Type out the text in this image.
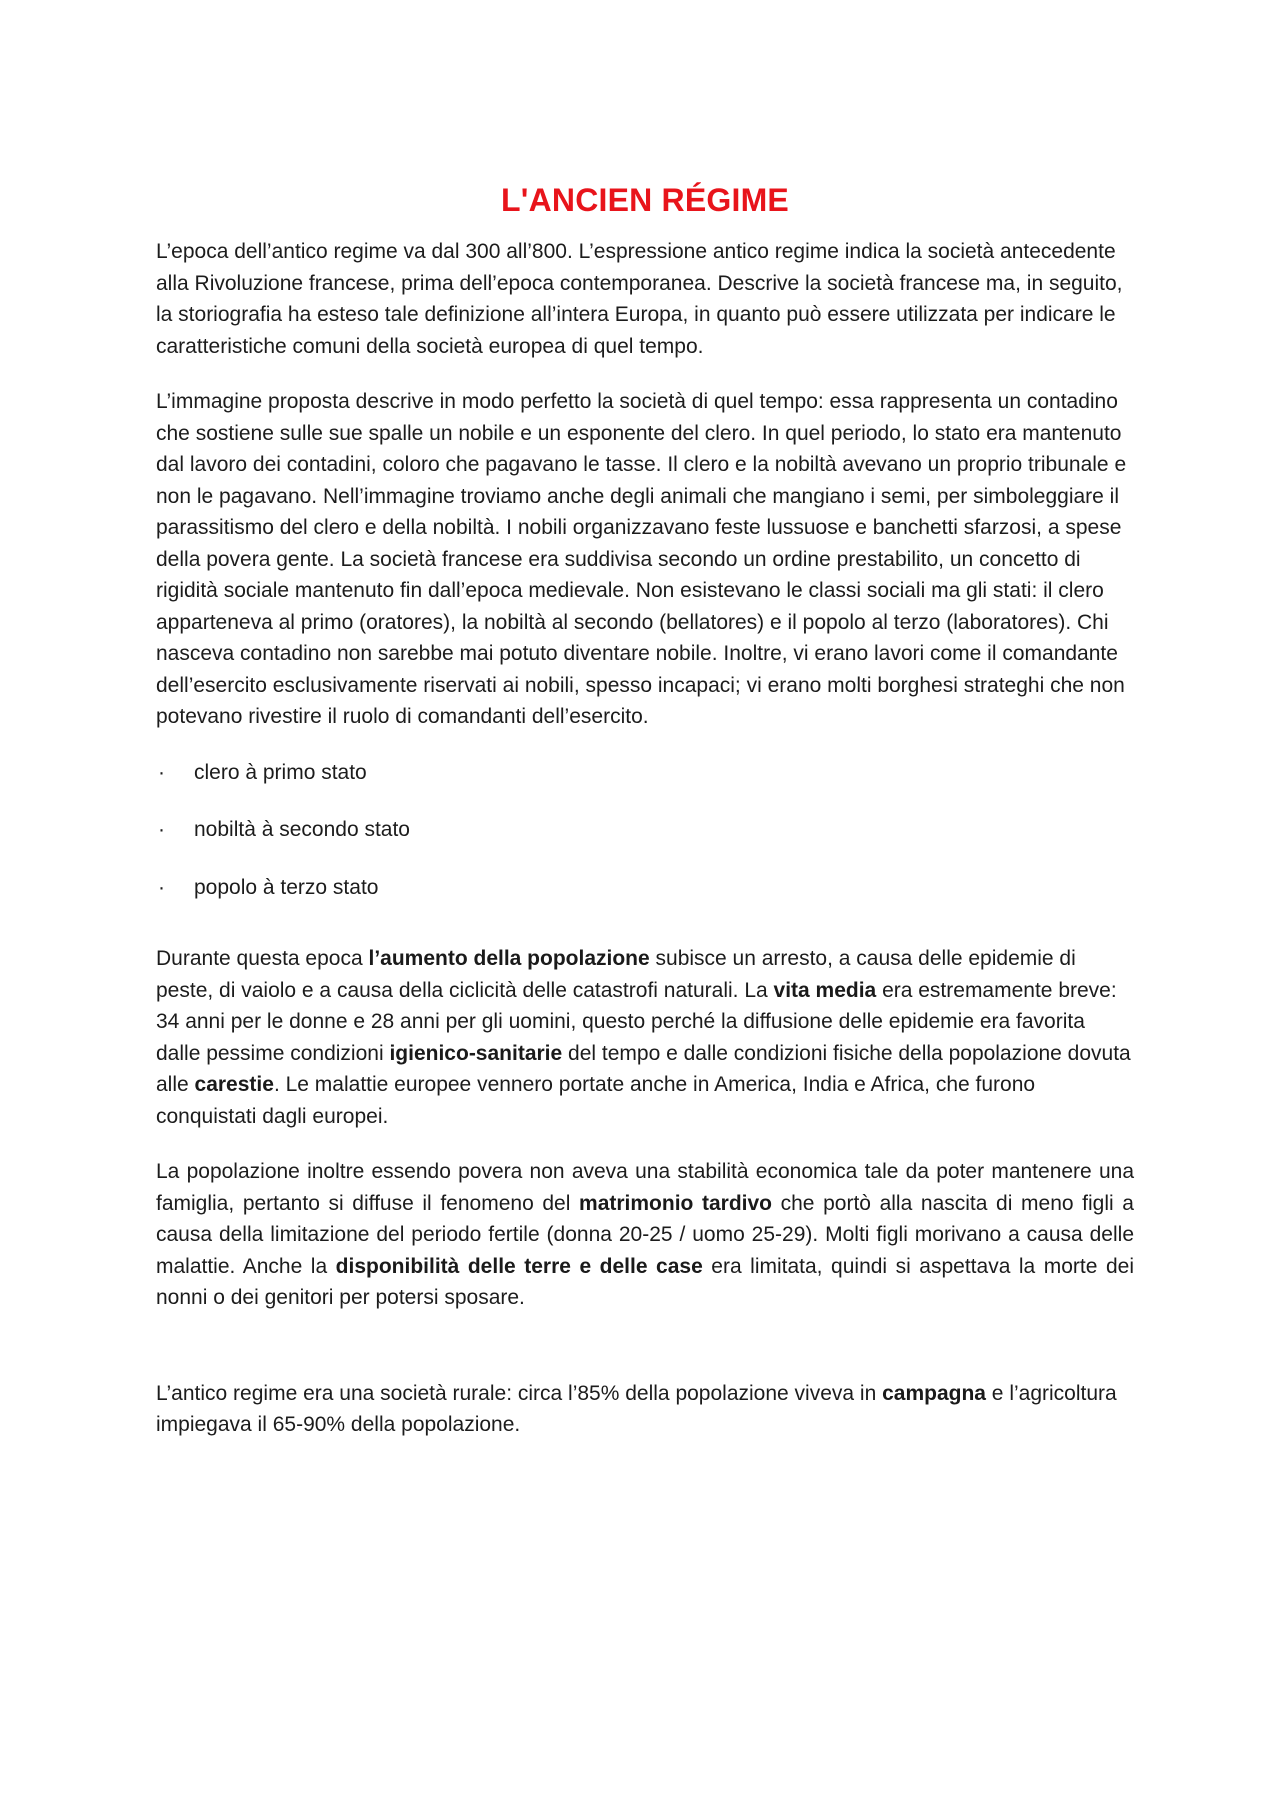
L'ANCIEN RÉGIME

L’epoca dell’antico regime va dal 300 all’800. L’espressione antico regime indica la società antecedente alla Rivoluzione francese, prima dell’epoca contemporanea. Descrive la società francese ma, in seguito, la storiografia ha esteso tale definizione all’intera Europa, in quanto può essere utilizzata per indicare le caratteristiche comuni della società europea di quel tempo.

L’immagine proposta descrive in modo perfetto la società di quel tempo: essa rappresenta un contadino che sostiene sulle sue spalle un nobile e un esponente del clero. In quel periodo, lo stato era mantenuto dal lavoro dei contadini, coloro che pagavano le tasse. Il clero e la nobiltà avevano un proprio tribunale e non le pagavano. Nell’immagine troviamo anche degli animali che mangiano i semi, per simboleggiare il parassitismo del clero e della nobiltà. I nobili organizzavano feste lussuose e banchetti sfarzosi, a spese della povera gente. La società francese era suddivisa secondo un ordine prestabilito, un concetto di rigidità sociale mantenuto fin dall’epoca medievale. Non esistevano le classi sociali ma gli stati: il clero apparteneva al primo (oratores), la nobiltà al secondo (bellatores) e il popolo al terzo (laboratores). Chi nasceva contadino non sarebbe mai potuto diventare nobile. Inoltre, vi erano lavori come il comandante dell’esercito esclusivamente riservati ai nobili, spesso incapaci; vi erano molti borghesi strateghi che non potevano rivestire il ruolo di comandanti dell’esercito.

·	clero à primo stato
·	nobiltà à secondo stato
·	popolo à terzo stato

Durante questa epoca l’aumento della popolazione subisce un arresto, a causa delle epidemie di peste, di vaiolo e a causa della ciclicità delle catastrofi naturali. La vita media era estremamente breve: 34 anni per le donne e 28 anni per gli uomini, questo perché la diffusione delle epidemie era favorita dalle pessime condizioni igienico-sanitarie del tempo e dalle condizioni fisiche della popolazione dovuta alle carestie. Le malattie europee vennero portate anche in America, India e Africa, che furono conquistati dagli europei.

La popolazione inoltre essendo povera non aveva una stabilità economica tale da poter mantenere una famiglia, pertanto si diffuse il fenomeno del matrimonio tardivo che portò alla nascita di meno figli a causa della limitazione del periodo fertile (donna 20-25 / uomo 25-29). Molti figli morivano a causa delle malattie. Anche la disponibilità delle terre e delle case era limitata, quindi si aspettava la morte dei nonni o dei genitori per potersi sposare.

L’antico regime era una società rurale: circa l’85% della popolazione viveva in campagna e l’agricoltura impiegava il 65-90% della popolazione.
